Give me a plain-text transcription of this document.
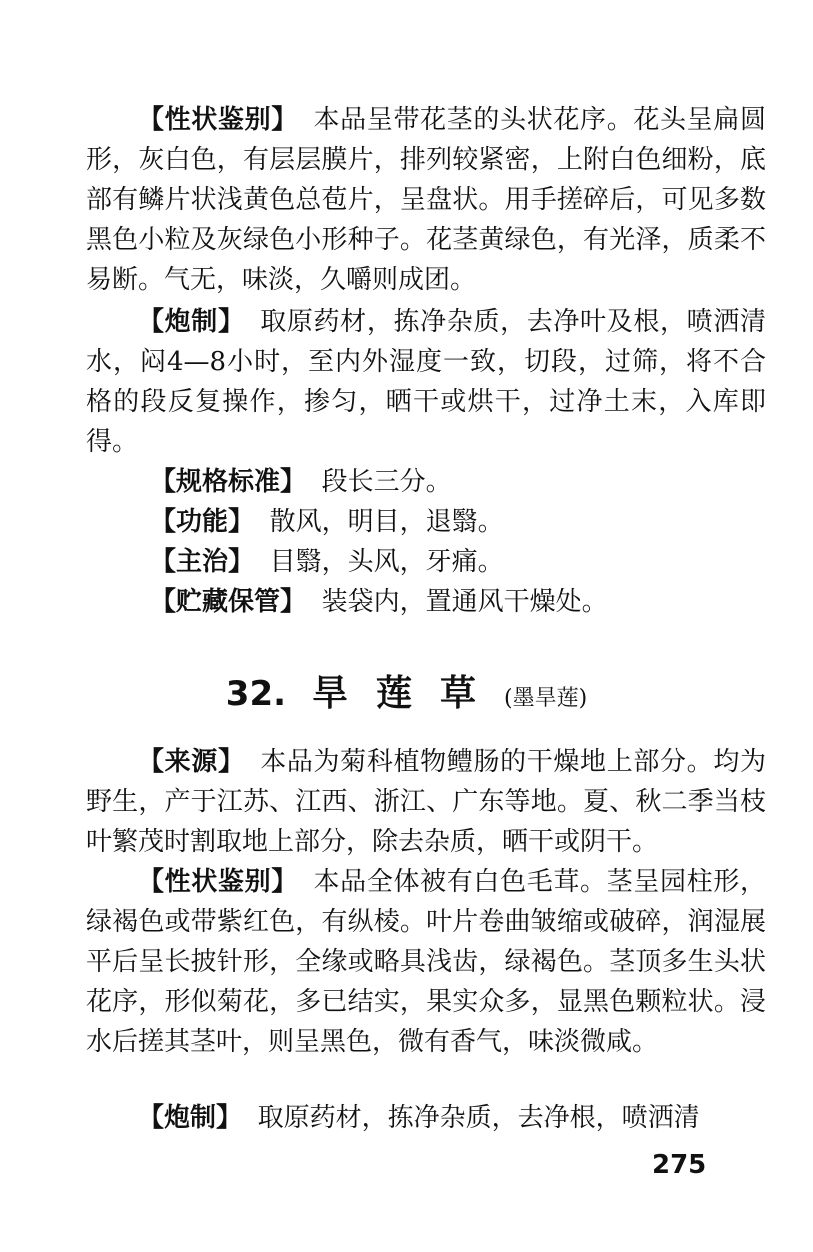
【性状鉴别】 本品呈带花茎的头状花序。花头呈扁圆形，灰白色，有层层膜片，排列较紧密，上附白色细粉，底部有鳞片状浅黄色总苞片，呈盘状。用手搓碎后，可见多数黑色小粒及灰绿色小形种子。花茎黄绿色，有光泽，质柔不易断。气无，味淡，久嚼则成团。

【炮制】 取原药材，拣净杂质，去净叶及根，喷洒清水，闷4—8小时，至内外湿度一致，切段，过筛，将不合格的段反复操作，掺匀，晒干或烘干，过净土末，入库即得。

【规格标准】 段长三分。
【功能】 散风，明目，退翳。
【主治】 目翳，头风，牙痛。
【贮藏保管】 装袋内，置通风干燥处。
32. 旱莲草(墨旱莲)

【来源】 本品为菊科植物鳢肠的干燥地上部分。均为野生，产于江苏、江西、浙江、广东等地。夏、秋二季当枝叶繁茂时割取地上部分，除去杂质，晒干或阴干。

【性状鉴别】 本品全体被有白色毛茸。茎呈园柱形，绿褐色或带紫红色，有纵棱。叶片卷曲皱缩或破碎，润湿展平后呈长披针形，全缘或略具浅齿，绿褐色。茎顶多生头状花序，形似菊花，多已结实，果实众多，显黑色颗粒状。浸水后搓其茎叶，则呈黑色，微有香气，味淡微咸。

【炮制】 取原药材，拣净杂质，去净根，喷洒清

275
